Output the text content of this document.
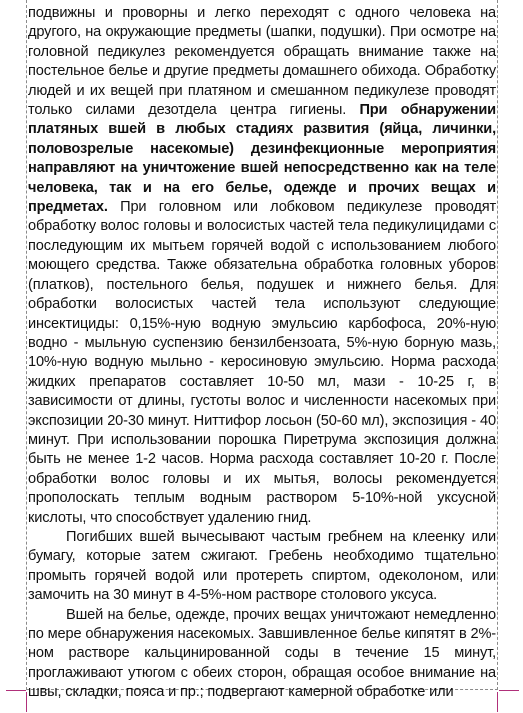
подвижны и проворны и легко переходят с одного человека на другого, на окружающие предметы (шапки, подушки). При осмотре на головной педикулез рекомендуется обращать внимание также на постельное белье и другие предметы домашнего обихода. Обработку людей и их вещей при платяном и смешанном педикулезе проводят только силами дезотдела центра гигиены. При обнаружении платяных вшей в любых стадиях развития (яйца, личинки, половозрелые насекомые) дезинфекционные мероприятия направляют на уничтожение вшей непосредственно как на теле человека, так и на его белье, одежде и прочих вещах и предметах. При головном или лобковом педикулезе проводят обработку волос головы и волосистых частей тела педикулицидами с последующим их мытьем горячей водой с использованием любого моющего средства. Также обязательна обработка головных уборов (платков), постельного белья, подушек и нижнего белья. Для обработки волосистых частей тела используют следующие инсектициды: 0,15%-ную водную эмульсию карбофоса, 20%-ную водно - мыльную суспензию бензилбензоата, 5%-ную борную мазь, 10%-ную водную мыльно - керосиновую эмульсию. Норма расхода жидких препаратов составляет 10-50 мл, мази - 10-25 г, в зависимости от длины, густоты волос и численности насекомых при экспозиции 20-30 минут. Ниттифор лосьон (50-60 мл), экспозиция - 40 минут. При использовании порошка Пиретрума экспозиция должна быть не менее 1-2 часов. Норма расхода составляет 10-20 г. После обработки волос головы и их мытья, волосы рекомендуется прополоскать теплым водным раствором 5-10%-ной уксусной кислоты, что способствует удалению гнид.

Погибших вшей вычесывают частым гребнем на клеенку или бумагу, которые затем сжигают. Гребень необходимо тщательно промыть горячей водой или протереть спиртом, одеколоном, или замочить на 30 минут в 4-5%-ном растворе столового уксуса.

Вшей на белье, одежде, прочих вещах уничтожают немедленно по мере обнаружения насекомых. Завшивленное белье кипятят в 2%-ном растворе кальцинированной соды в течение 15 минут, проглаживают утюгом с обеих сторон, обращая особое внимание на швы, складки, пояса и пр.; подвергают камерной обработке или
